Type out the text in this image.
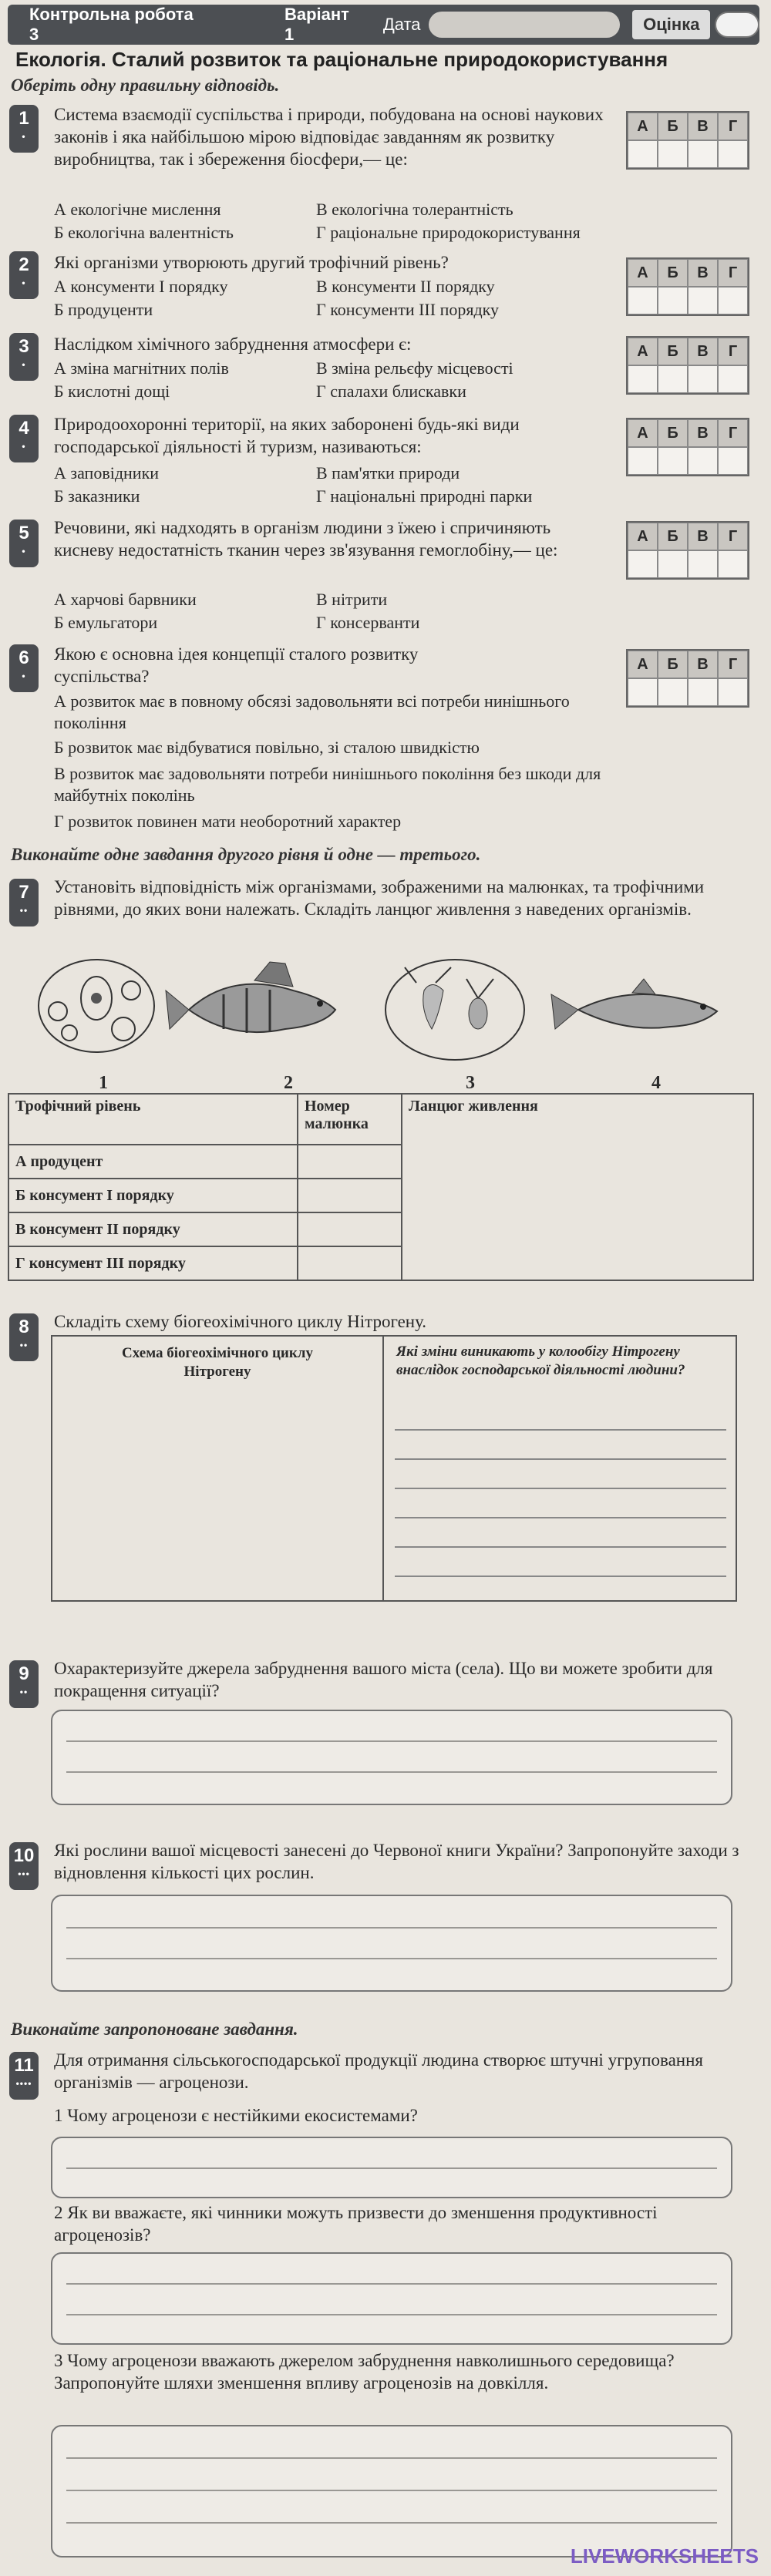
Контрольна робота 3
Варіант 1
Дата	Оцінка
Екологія. Сталий розвиток та раціональне природокористування
Оберіть одну правильну відповідь.
1
•
Система взаємодії суспільства і природи, побудована на основі наукових законів і яка найбільшою мірою відповідає завданням як розвитку виробництва, так і збереження біосфери,— це:
А	Б	В	Г
А екологічне мислення	В екологічна толерантність
Б екологічна валентність	Г раціональне природокористування
2
•
Які організми утворюють другий трофічний рівень?
А	Б	В	Г
А консументи I порядку	В консументи II порядку
Б продуценти	Г консументи III порядку
3
•
Наслідком хімічного забруднення атмосфери є:	А	Б	В	Г
А зміна магнітних полів	В зміна рельєфу місцевості
Б кислотні дощі	Г спалахи блискавки
4
•
Природоохоронні території, на яких заборонені будь-які види господарської діяльності й туризм, називаються:
А	Б	В	Г
А заповідники	В пам'ятки природи
Б заказники	Г національні природні парки
5
•
Речовини, які надходять в організм людини з їжею і спричиняють кисневу недостатність тканин через зв'язування гемоглобіну,— це:
А	Б	В	Г
А харчові барвники	В нітрити
Б емульгатори	Г консерванти
6
•
Якою є основна ідея концепції сталого розвитку суспільства?
А	Б	В	Г
А розвиток має в повному обсязі задовольняти всі потреби нинішнього покоління
Б розвиток має відбуватися повільно, зі сталою швидкістю
В розвиток має задовольняти потреби нинішнього покоління без шкоди для майбутніх поколінь
Г розвиток повинен мати необоротний характер
Виконайте одне завдання другого рівня й одне — третього.
7
••
Установіть відповідність між організмами, зображеними на малюнках, та трофічними рівнями, до яких вони належать. Складіть ланцюг живлення з наведених організмів.
1	2	3	4
Трофічний рівень	Номер малюнка	Ланцюг живлення
А продуцент		
Б консумент I порядку		
В консумент II порядку		
Г консумент III порядку		
8
••
Складіть схему біогеохімічного циклу Нітрогену.
Схема біогеохімічного циклу Нітрогену
Які зміни виникають у колообігу Нітрогену внаслідок господарської діяльності людини?
9
••
Охарактеризуйте джерела забруднення вашого міста (села). Що ви можете зробити для покращення ситуації?
10
•••
Які рослини вашої місцевості занесені до Червоної книги України? Запропонуйте заходи з відновлення кількості цих рослин.
Виконайте запропоноване завдання.
11
••••
Для отримання сільськогосподарської продукції людина створює штучні угруповання організмів — агроценози.
1 Чому агроценози є нестійкими екосистемами?
2 Як ви вважаєте, які чинники можуть призвести до зменшення продуктивності агроценозів?
3 Чому агроценози вважають джерелом забруднення навколишнього середовища? Запропонуйте шляхи зменшення впливу агроценозів на довкілля.
LIVEWORKSHEETS
